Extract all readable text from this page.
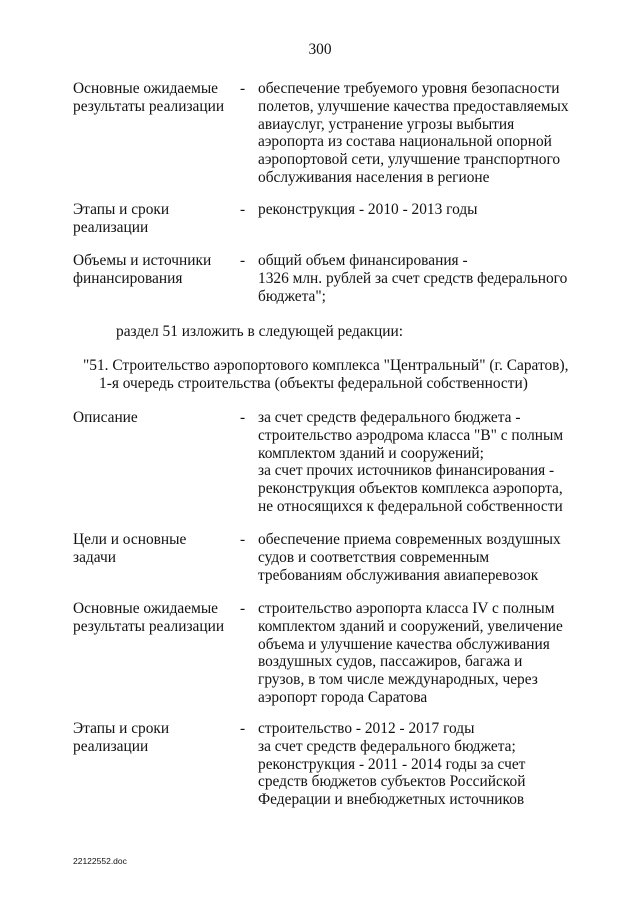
300
Основные ожидаемые
результаты реализации
- обеспечение требуемого уровня безопасности
полетов, улучшение качества предоставляемых
авиауслуг, устранение угрозы выбытия
аэропорта из состава национальной опорной
аэропортовой сети, улучшение транспортного
обслуживания населения в регионе
Этапы и сроки
реализации
- реконструкция - 2010 - 2013 годы
Объемы и источники
финансирования
- общий объем финансирования -
1326 млн. рублей за счет средств федерального
бюджета";
раздел 51 изложить в следующей редакции:
"51. Строительство аэропортового комплекса "Центральный" (г. Саратов),
1-я очередь строительства (объекты федеральной собственности)
Описание	- за счет средств федерального бюджета -
строительство аэродрома класса "В" с полным
комплектом зданий и сооружений;
за счет прочих источников финансирования -
реконструкция объектов комплекса аэропорта,
не относящихся к федеральной собственности
Цели и основные
задачи
- обеспечение приема современных воздушных
судов и соответствия современным
требованиям обслуживания авиаперевозок
Основные ожидаемые
результаты реализации
- строительство аэропорта класса IV с полным
комплектом зданий и сооружений, увеличение
объема и улучшение качества обслуживания
воздушных судов, пассажиров, багажа и
грузов, в том числе международных, через
аэропорт города Саратова
Этапы и сроки
реализации
- строительство - 2012 - 2017 годы
за счет средств федерального бюджета;
реконструкция - 2011 - 2014 годы за счет
средств бюджетов субъектов Российской
Федерации и внебюджетных источников
22122552.doc
